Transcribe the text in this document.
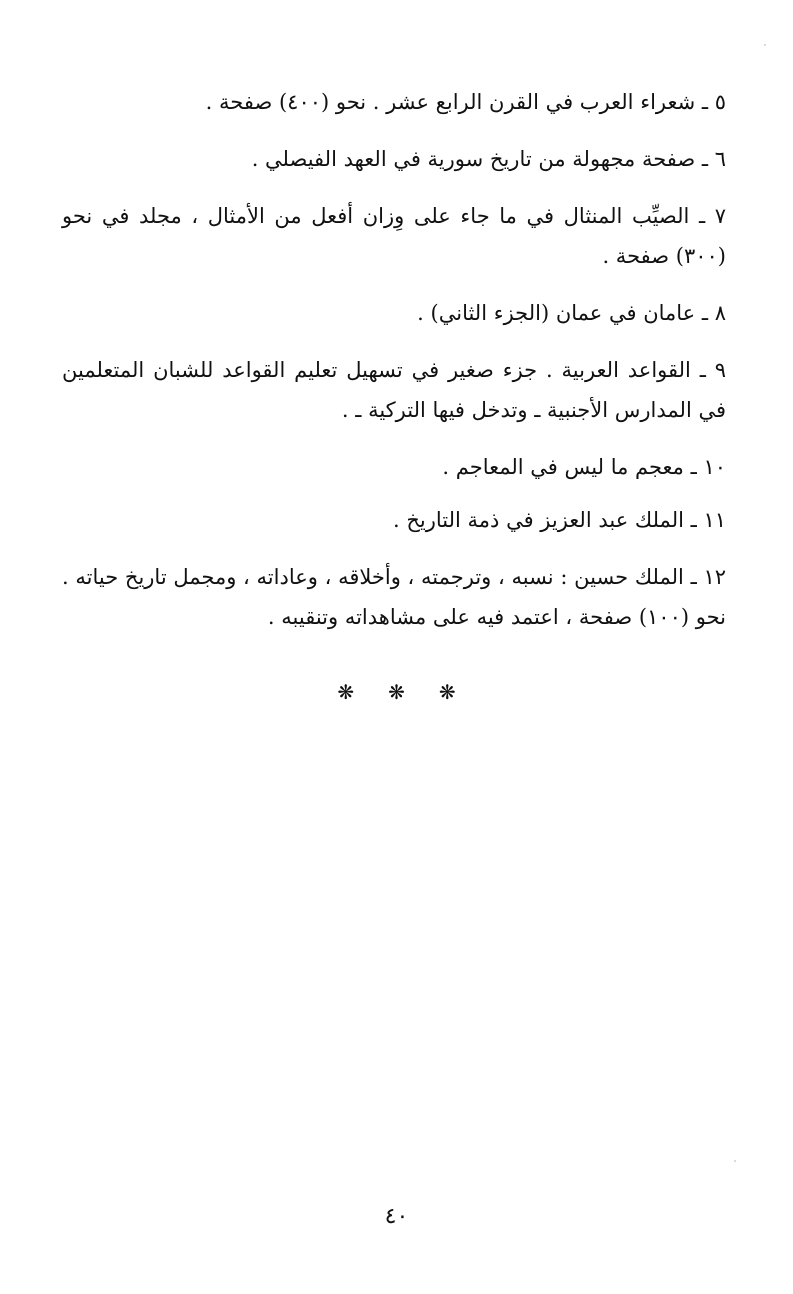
٥ ـ شعراء العرب في القرن الرابع عشر . نحو (٤٠٠) صفحة .

٦ ـ صفحة مجهولة من تاريخ سورية في العهد الفيصلي .

٧ ـ الصيِّب المنثال في ما جاء على وِزان أفعل من الأمثال ، مجلد في نحو (٣٠٠) صفحة .

٨ ـ عامان في عمان (الجزء الثاني) .

٩ ـ القواعد العربية . جزء صغير في تسهيل تعليم القواعد للشبان المتعلمين في المدارس الأجنبية ـ وتدخل فيها التركية ـ .

١٠ ـ معجم ما ليس في المعاجم .

١١ ـ الملك عبد العزيز في ذمة التاريخ .

١٢ ـ الملك حسين : نسبه ، وترجمته ، وأخلاقه ، وعاداته ، ومجمل تاريخ حياته . نحو (١٠٠) صفحة ، اعتمد فيه على مشاهداته وتنقيبه .

❋❋❋
٤٠
